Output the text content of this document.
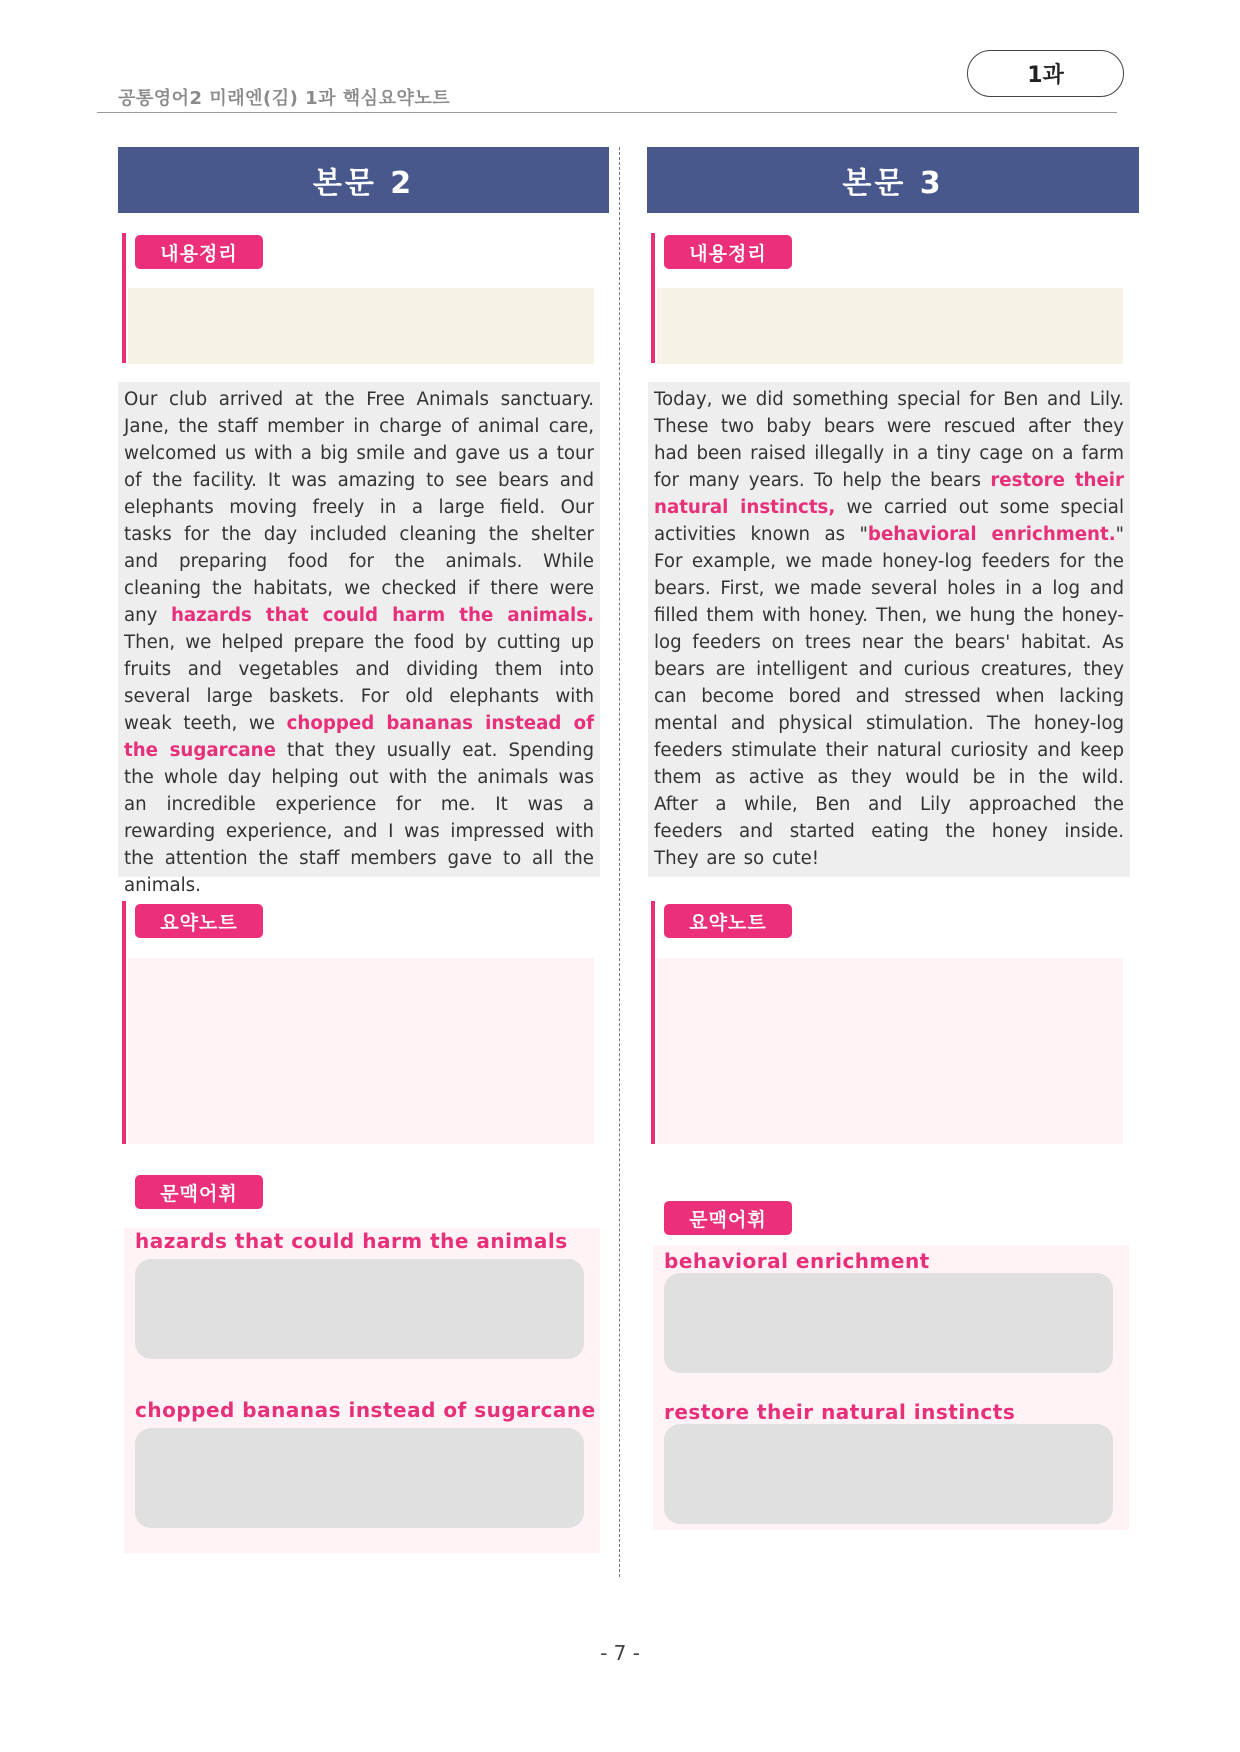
공통영어2 미래엔(김) 1과 핵심요약노트
1과
본문 2
내용정리
Our club arrived at the Free Animals sanctuary. Jane, the staff member in charge of animal care, welcomed us with a big smile and gave us a tour of the facility. It was amazing to see bears and elephants moving freely in a large field. Our tasks for the day included cleaning the shelter and preparing food for the animals. While cleaning the habitats, we checked if there were any hazards that could harm the animals. Then, we helped prepare the food by cutting up fruits and vegetables and dividing them into several large baskets. For old elephants with weak teeth, we chopped bananas instead of the sugarcane that they usually eat. Spending the whole day helping out with the animals was an incredible experience for me. It was a rewarding experience, and I was impressed with the attention the staff members gave to all the animals.
요약노트
문맥어휘
hazards that could harm the animals
chopped bananas instead of sugarcane
본문 3
내용정리
Today, we did something special for Ben and Lily. These two baby bears were rescued after they had been raised illegally in a tiny cage on a farm for many years. To help the bears restore their natural instincts, we carried out some special activities known as "behavioral enrichment." For example, we made honey-log feeders for the bears. First, we made several holes in a log and filled them with honey. Then, we hung the honey-log feeders on trees near the bears' habitat. As bears are intelligent and curious creatures, they can become bored and stressed when lacking mental and physical stimulation. The honey-log feeders stimulate their natural curiosity and keep them as active as they would be in the wild. After a while, Ben and Lily approached the feeders and started eating the honey inside. They are so cute!
요약노트
문맥어휘
behavioral enrichment
restore their natural instincts
- 7 -
